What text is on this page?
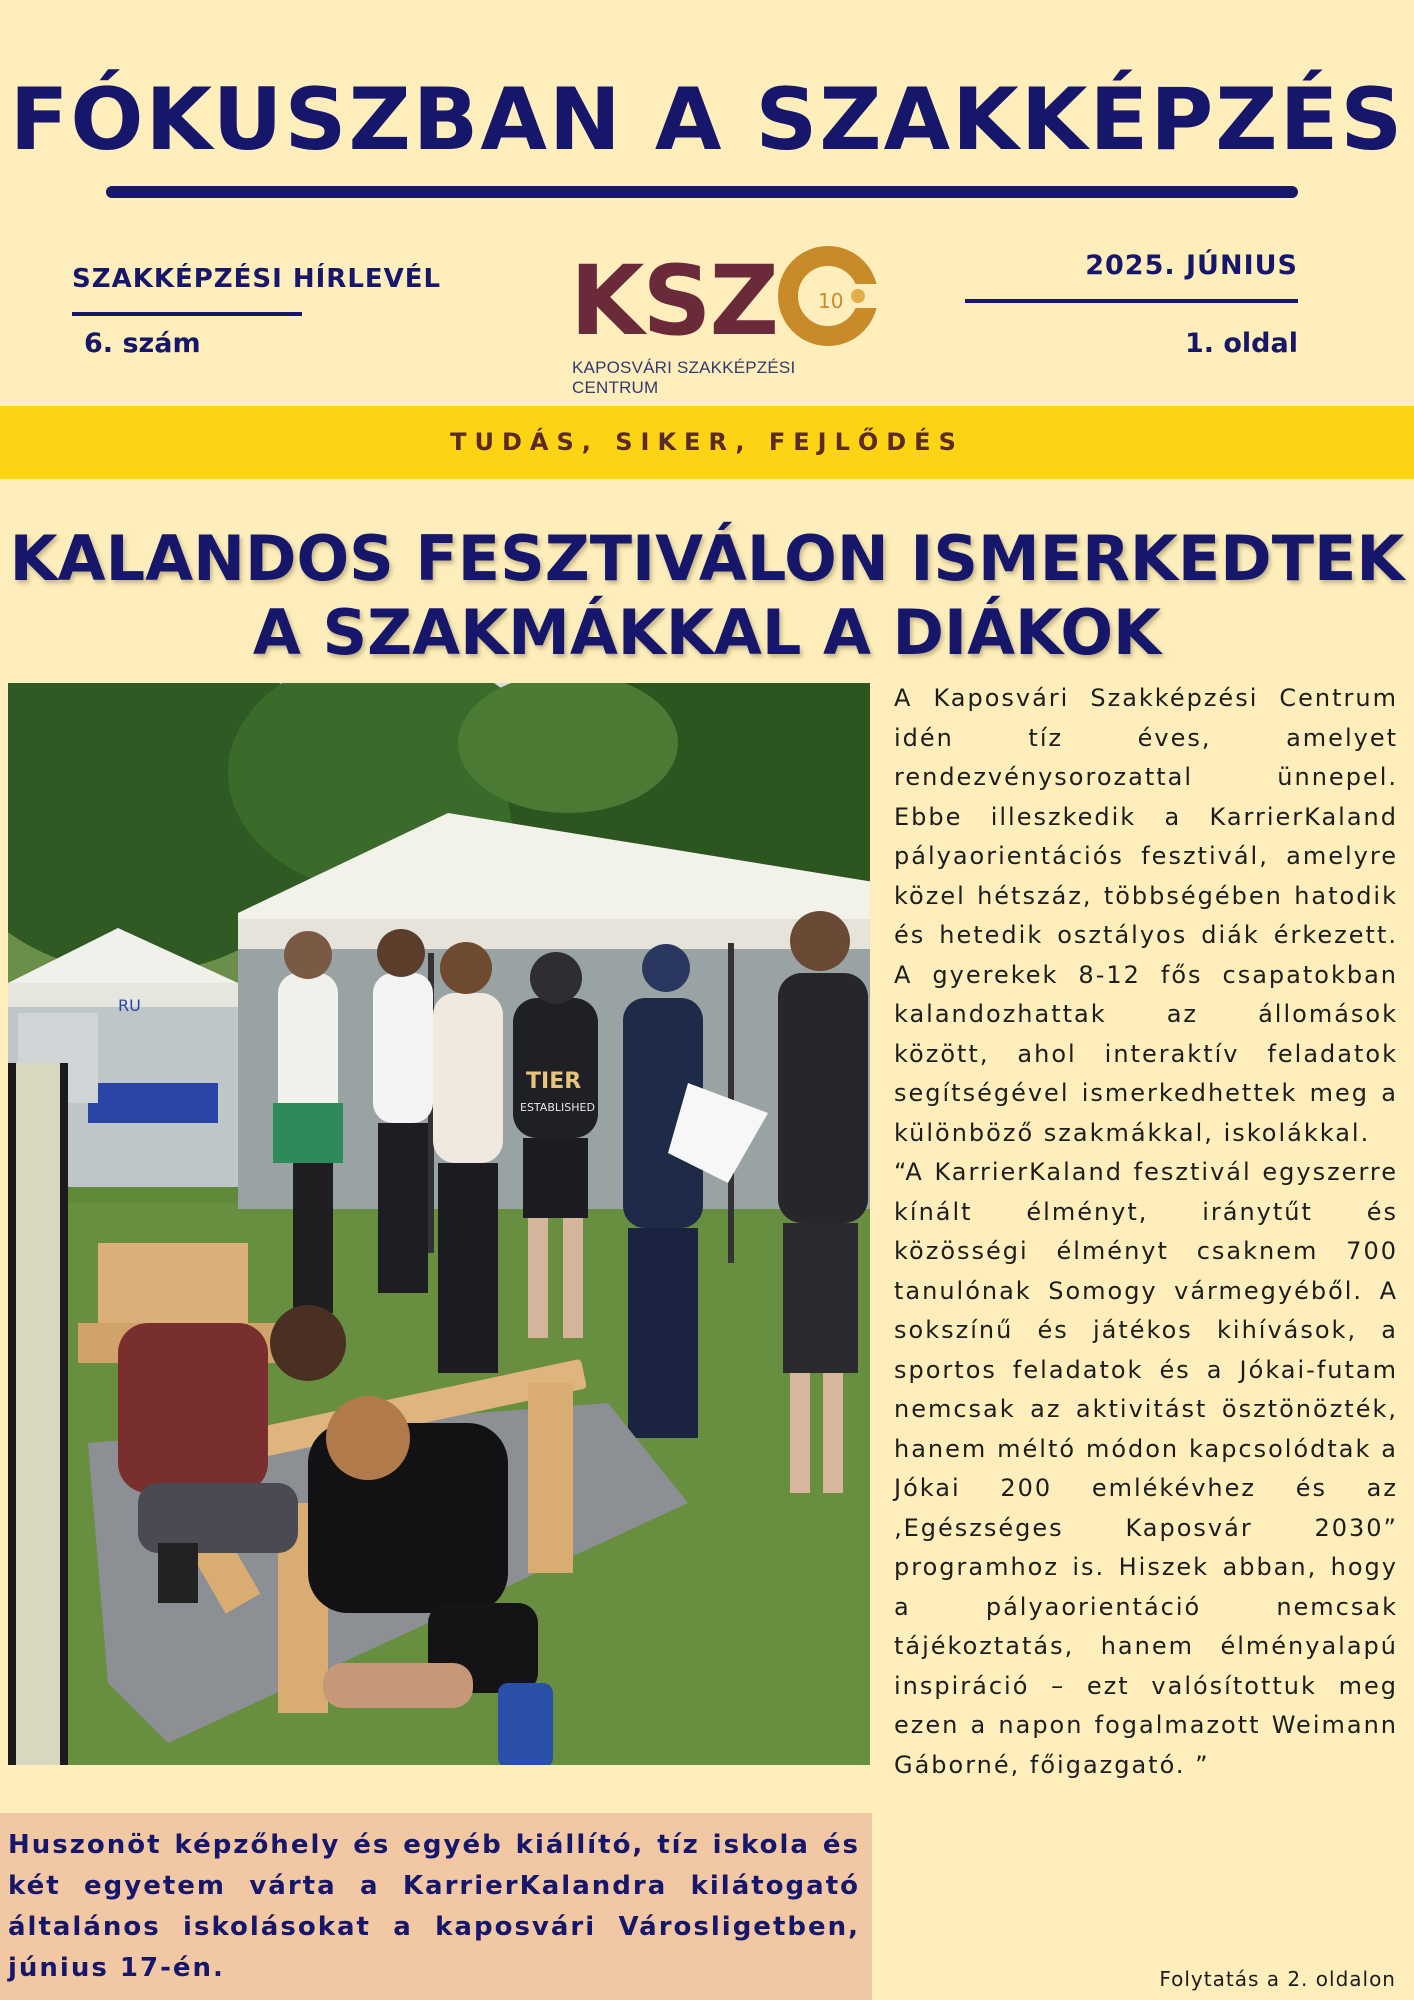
FÓKUSZBAN A SZAKKÉPZÉS
SZAKKÉPZÉSI HÍRLEVÉL
6. szám
2025. JÚNIUS
1. oldal
10
KSZ
KAPOSVÁRI SZAKKÉPZÉSI CENTRUM
TUDÁS, SIKER, FEJLŐDÉS
KALANDOS FESZTIVÁLON ISMERKEDTEK
A SZAKMÁKKAL A DIÁKOK
RU
TIER
ESTABLISHED
Huszonöt képzőhely és egyéb kiállító, tíz iskola és két egyetem várta a KarrierKalandra kilátogató általános iskolásokat a kaposvári Városligetben, június 17-én.

A Kaposvári Szakképzési Centrum idén tíz éves, amelyet rendezvénysorozattal ünnepel. Ebbe illeszkedik a KarrierKaland pályaorientációs fesztivál, amelyre közel hétszáz, többségében hatodik és hetedik osztályos diák érkezett. A gyerekek 8-12 fős csapatokban kalandozhattak az állomások között, ahol interaktív feladatok segítségével ismerkedhettek meg a különböző szakmákkal, iskolákkal.

“A KarrierKaland fesztivál egyszerre kínált élményt, iránytűt és közösségi élményt csaknem 700 tanulónak Somogy vármegyéből. A sokszínű és játékos kihívások, a sportos feladatok és a Jókai-futam nemcsak az aktivitást ösztönözték, hanem méltó módon kapcsolódtak a Jókai 200 emlékévhez és az ‚Egészséges Kaposvár 2030” programhoz is. Hiszek abban, hogy a pályaorientáció nemcsak tájékoztatás, hanem élményalapú inspiráció – ezt valósítottuk meg ezen a napon fogalmazott Weimann Gáborné, főigazgató. ”

Folytatás a 2. oldalon
